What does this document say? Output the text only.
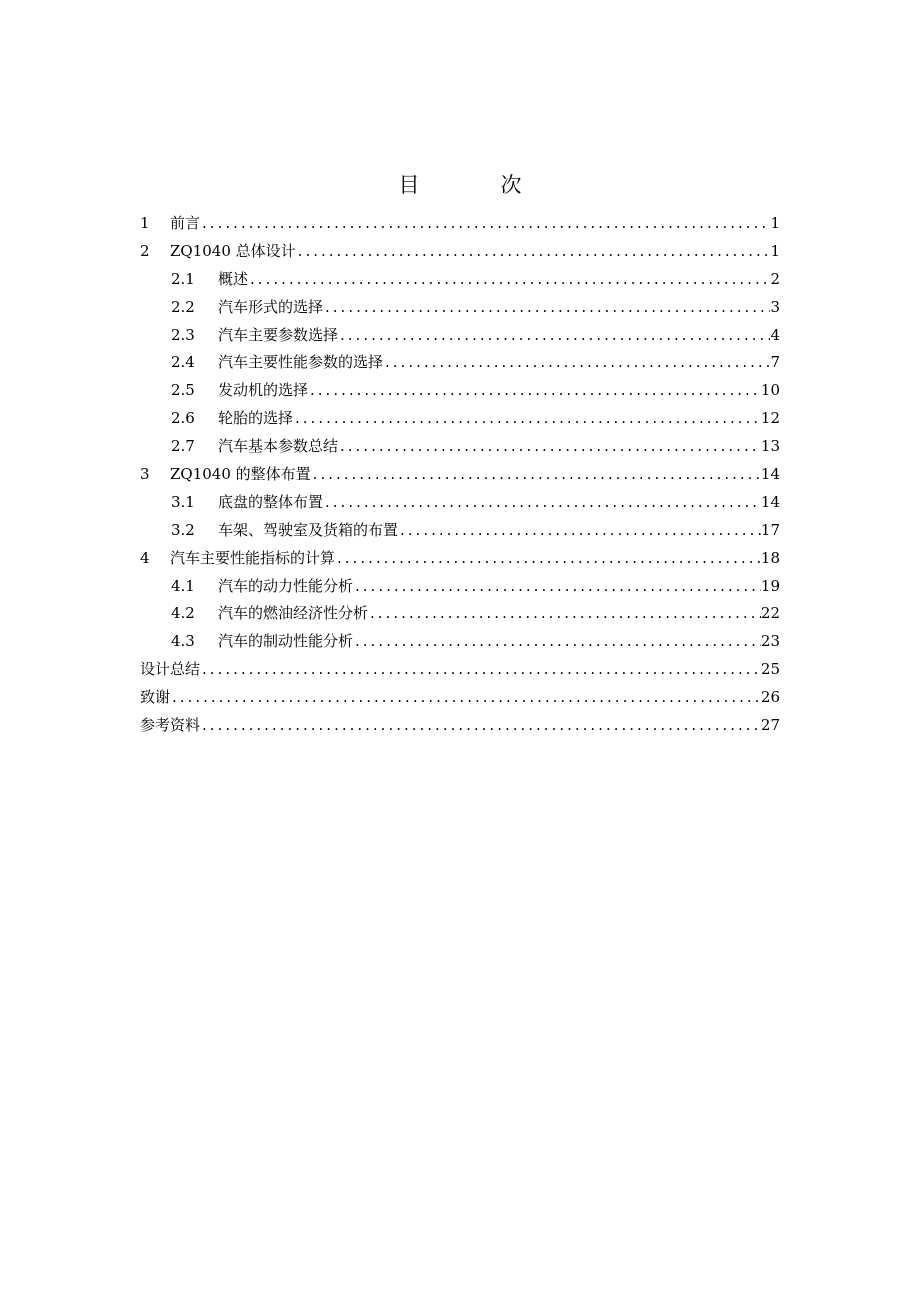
目　次
1	前言 .....	1
2	ZQ1040 总体设计 .....	1
2.1	概述 .....	2
2.2	汽车形式的选择 .....	3
2.3	汽车主要参数选择 .....	4
2.4	汽车主要性能参数的选择 .....	7
2.5	发动机的选择 .....	10
2.6	轮胎的选择 .....	12
2.7	汽车基本参数总结 .....	13
3	ZQ1040 的整体布置 .....	14
3.1	底盘的整体布置 .....	14
3.2	车架、驾驶室及货箱的布置 .....	17
4	汽车主要性能指标的计算 .....	18
4.1	汽车的动力性能分析 .....	19
4.2	汽车的燃油经济性分析 .....	22
4.3	汽车的制动性能分析 .....	23
设计总结 .....	25
致谢 .....	26
参考资料 .....	27
